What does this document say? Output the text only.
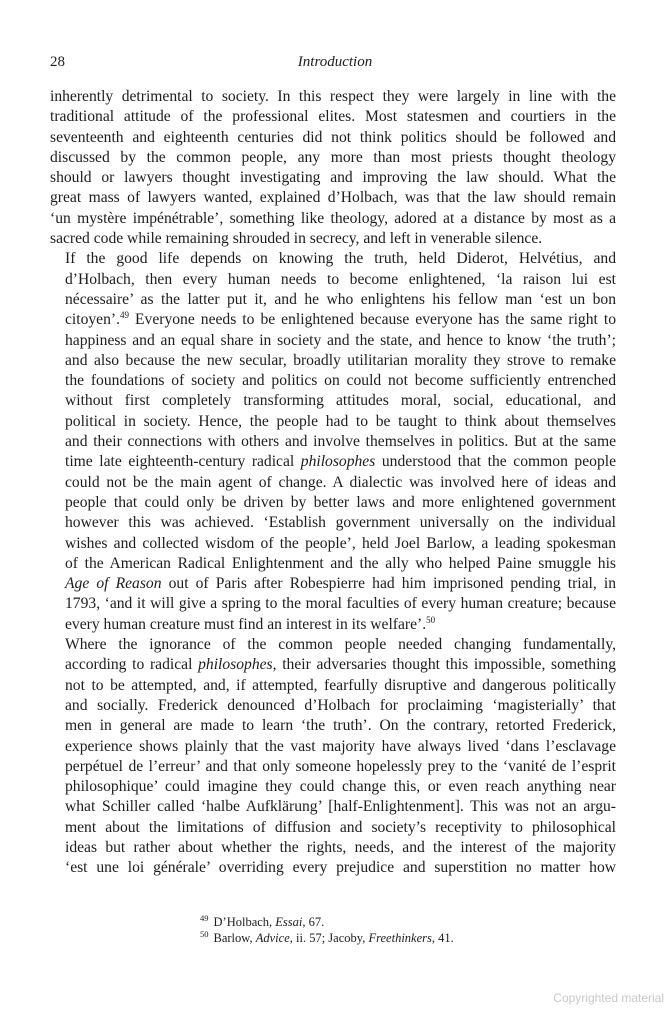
28	Introduction

inherently detrimental to society. In this respect they were largely in line with the
traditional attitude of the professional elites. Most statesmen and courtiers in the
seventeenth and eighteenth centuries did not think politics should be followed and
discussed by the common people, any more than most priests thought theology
should or lawyers thought investigating and improving the law should. What the
great mass of lawyers wanted, explained d’Holbach, was that the law should remain
‘un mystère impénétrable’, something like theology, adored at a distance by most as a
sacred code while remaining shrouded in secrecy, and left in venerable silence.

If the good life depends on knowing the truth, held Diderot, Helvétius, and
d’Holbach, then every human needs to become enlightened, ‘la raison lui est
nécessaire’ as the latter put it, and he who enlightens his fellow man ‘est un bon
citoyen’.$^{49}$ Everyone needs to be enlightened because everyone has the same right to
happiness and an equal share in society and the state, and hence to know ‘the truth’;
and also because the new secular, broadly utilitarian morality they strove to remake
the foundations of society and politics on could not become sufficiently entrenched
without first completely transforming attitudes moral, social, educational, and
political in society. Hence, the people had to be taught to think about themselves
and their connections with others and involve themselves in politics. But at the same
time late eighteenth-century radical philosophes understood that the common people
could not be the main agent of change. A dialectic was involved here of ideas and
people that could only be driven by better laws and more enlightened government
however this was achieved. ‘Establish government universally on the individual
wishes and collected wisdom of the people’, held Joel Barlow, a leading spokesman
of the American Radical Enlightenment and the ally who helped Paine smuggle his
Age of Reason out of Paris after Robespierre had him imprisoned pending trial, in
1793, ‘and it will give a spring to the moral faculties of every human creature; because
every human creature must find an interest in its welfare’.$^{50}$

Where the ignorance of the common people needed changing fundamentally,
according to radical philosophes, their adversaries thought this impossible, something
not to be attempted, and, if attempted, fearfully disruptive and dangerous politically
and socially. Frederick denounced d’Holbach for proclaiming ‘magisterially’ that
men in general are made to learn ‘the truth’. On the contrary, retorted Frederick,
experience shows plainly that the vast majority have always lived ‘dans l’esclavage
perpétuel de l’erreur’ and that only someone hopelessly prey to the ‘vanité de l’esprit
philosophique’ could imagine they could change this, or even reach anything near
what Schiller called ‘halbe Aufklärung’ [half-Enlightenment]. This was not an argu-
ment about the limitations of diffusion and society’s receptivity to philosophical
ideas but rather about whether the rights, needs, and the interest of the majority
‘est une loi générale’ overriding every prejudice and superstition no matter how

$^{49}$ D’Holbach, Essai, 67.
$^{50}$ Barlow, Advice, ii. 57; Jacoby, Freethinkers, 41.
Copyrighted material
